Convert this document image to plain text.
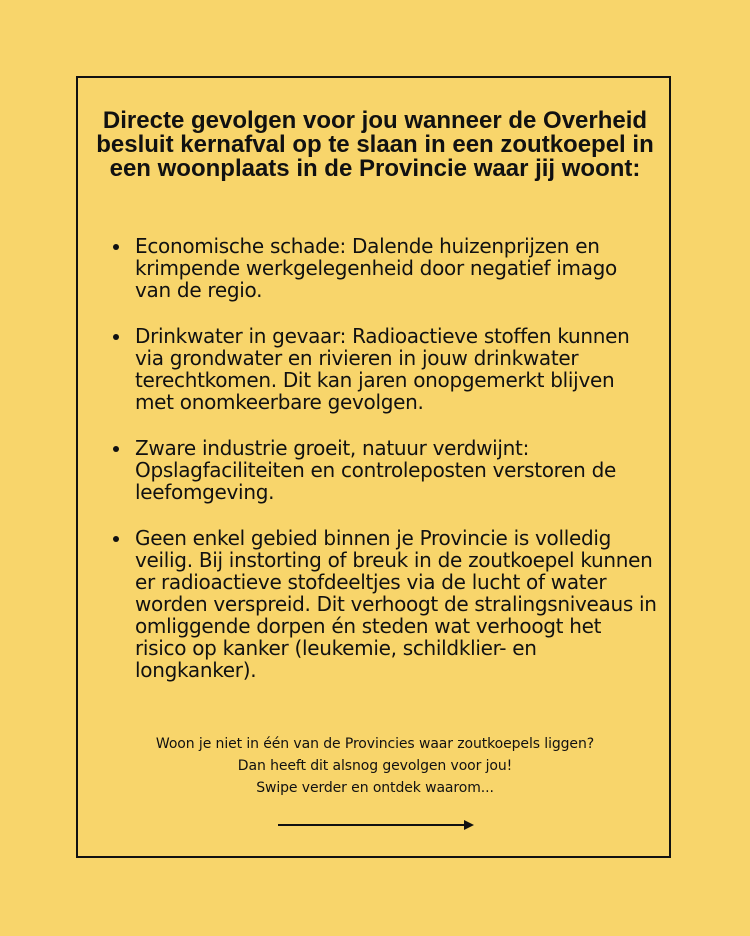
Directe gevolgen voor jou wanneer de Overheid besluit kernafval op te slaan in een zoutkoepel in een woonplaats in de Provincie waar jij woont:
Economische schade: Dalende huizenprijzen en krimpende werkgelegenheid door negatief imago van de regio.
Drinkwater in gevaar: Radioactieve stoffen kunnen via grondwater en rivieren in jouw drinkwater terechtkomen. Dit kan jaren onopgemerkt blijven met onomkeerbare gevolgen.
Zware industrie groeit, natuur verdwijnt: Opslagfaciliteiten en controleposten verstoren de leefomgeving.
Geen enkel gebied binnen je Provincie is volledig veilig. Bij instorting of breuk in de zoutkoepel kunnen er radioactieve stofdeeltjes via de lucht of water worden verspreid. Dit verhoogt de stralingsniveaus in omliggende dorpen én steden wat verhoogt het risico op kanker (leukemie, schildklier- en longkanker).
Woon je niet in één van de Provincies waar zoutkoepels liggen?
Dan heeft dit alsnog gevolgen voor jou!
Swipe verder en ontdek waarom...
